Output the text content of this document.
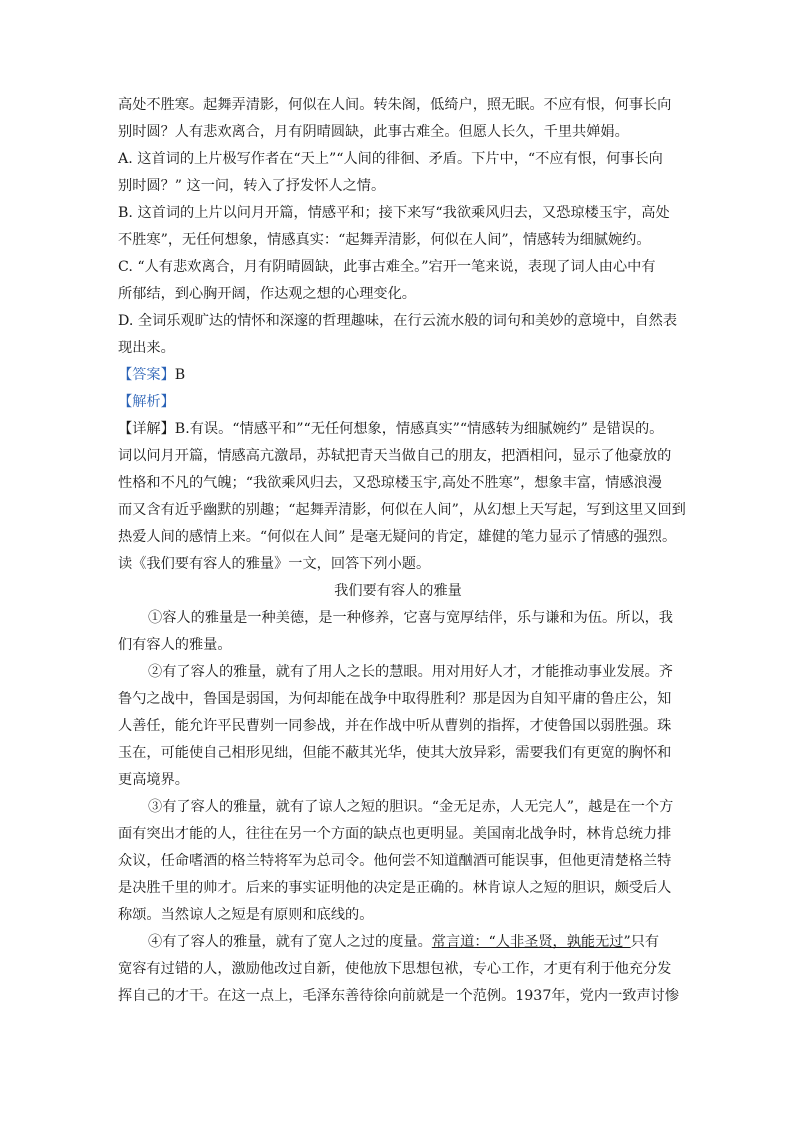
高处不胜寒。起舞弄清影，何似在人间。转朱阁，低绮户，照无眠。不应有恨，何事长向
别时圆？人有悲欢离合，月有阴晴圆缺，此事古难全。但愿人长久，千里共婵娟。
A. 这首词的上片极写作者在“天上”“人间的徘徊、矛盾。下片中，“不应有恨，何事长向
别时圆？” 这一问，转入了抒发怀人之情。
B. 这首词的上片以问月开篇，情感平和；接下来写“我欲乘风归去，又恐琼楼玉宇，高处
不胜寒”，无任何想象，情感真实：“起舞弄清影，何似在人间”，情感转为细腻婉约。
C. “人有悲欢离合，月有阴晴圆缺，此事古难全。”宕开一笔来说，表现了词人由心中有
所郁结，到心胸开阔，作达观之想的心理变化。
D. 全词乐观旷达的情怀和深邃的哲理趣味，在行云流水般的词句和美妙的意境中，自然表
现出来。
【答案】B
【解析】
【详解】B.有误。“情感平和”“无任何想象，情感真实”“情感转为细腻婉约” 是错误的。
词以问月开篇，情感高亢激昂，苏轼把青天当做自己的朋友，把酒相问，显示了他豪放的
性格和不凡的气魄；“我欲乘风归去，又恐琼楼玉宇,高处不胜寒”，想象丰富，情感浪漫
而又含有近乎幽默的别趣；“起舞弄清影，何似在人间”，从幻想上天写起，写到这里又回到
热爱人间的感情上来。“何似在人间” 是毫无疑问的肯定，雄健的笔力显示了情感的强烈。
读《我们要有容人的雅量》一文，回答下列小题。
我们要有容人的雅量
①容人的雅量是一种美德，是一种修养，它喜与宽厚结伴，乐与谦和为伍。所以，我
们有容人的雅量。
②有了容人的雅量，就有了用人之长的慧眼。用对用好人才，才能推动事业发展。齐
鲁勺之战中，鲁国是弱国，为何却能在战争中取得胜利？那是因为自知平庸的鲁庄公，知
人善任，能允许平民曹刿一同参战，并在作战中听从曹刿的指挥，才使鲁国以弱胜强。珠
玉在，可能使自己相形见绌，但能不蔽其光华，使其大放异彩，需要我们有更宽的胸怀和
更高境界。
③有了容人的雅量，就有了谅人之短的胆识。“金无足赤，人无完人”，越是在一个方
面有突出才能的人，往往在另一个方面的缺点也更明显。美国南北战争时，林肯总统力排
众议，任命嗜酒的格兰特将军为总司令。他何尝不知道酗酒可能误事，但他更清楚格兰特
是决胜千里的帅才。后来的事实证明他的决定是正确的。林肯谅人之短的胆识，颇受后人
称颂。当然谅人之短是有原则和底线的。
④有了容人的雅量，就有了宽人之过的度量。常言道：“人非圣贤，孰能无过”只有
宽容有过错的人，激励他改过自新，使他放下思想包袱，专心工作，才更有利于他充分发
挥自己的才干。在这一点上，毛泽东善待徐向前就是一个范例。1937年，党内一致声讨惨
